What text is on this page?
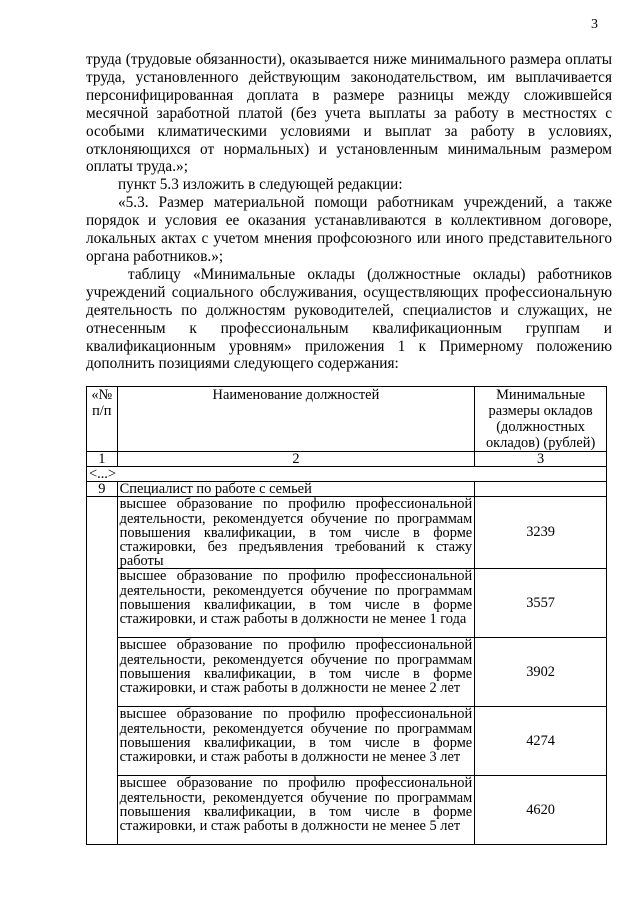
3

труда (трудовые обязанности), оказывается ниже минимального размера оплаты труда, установленного действующим законодательством, им выплачивается персонифицированная доплата в размере разницы между сложившейся месячной заработной платой (без учета выплаты за работу в местностях с особыми климатическими условиями и выплат за работу в условиях, отклоняющихся от нормальных) и установленным минимальным размером оплаты труда.»;

пункт 5.3 изложить в следующей редакции:

«5.3. Размер материальной помощи работникам учреждений, а также порядок и условия ее оказания устанавливаются в коллективном договоре, локальных актах с учетом мнения профсоюзного или иного представительного органа работников.»;

таблицу «Минимальные оклады (должностные оклады) работников учреждений социального обслуживания, осуществляющих профессиональную деятельность по должностям руководителей, специалистов и служащих, не отнесенным к профессиональным квалификационным группам и квалификационным уровням» приложения 1 к Примерному положению дополнить позициями следующего содержания:

«№ п/п	Наименование должностей	Минимальные размеры окладов (должностных окладов) (рублей)
1	2	3
<...>		
9	Специалист по работе с семьей	
	высшее образование по профилю профессиональной деятельности, рекомендуется обучение по программам повышения квалификации, в том числе в форме стажировки, без предъявления требований к стажу работы	3239
	высшее образование по профилю профессиональной деятельности, рекомендуется обучение по программам повышения квалификации, в том числе в форме стажировки, и стаж работы в должности не менее 1 года	3557
	высшее образование по профилю профессиональной деятельности, рекомендуется обучение по программам повышения квалификации, в том числе в форме стажировки, и стаж работы в должности не менее 2 лет	3902
	высшее образование по профилю профессиональной деятельности, рекомендуется обучение по программам повышения квалификации, в том числе в форме стажировки, и стаж работы в должности не менее 3 лет	4274
	высшее образование по профилю профессиональной деятельности, рекомендуется обучение по программам повышения квалификации, в том числе в форме стажировки, и стаж работы в должности не менее 5 лет	4620
